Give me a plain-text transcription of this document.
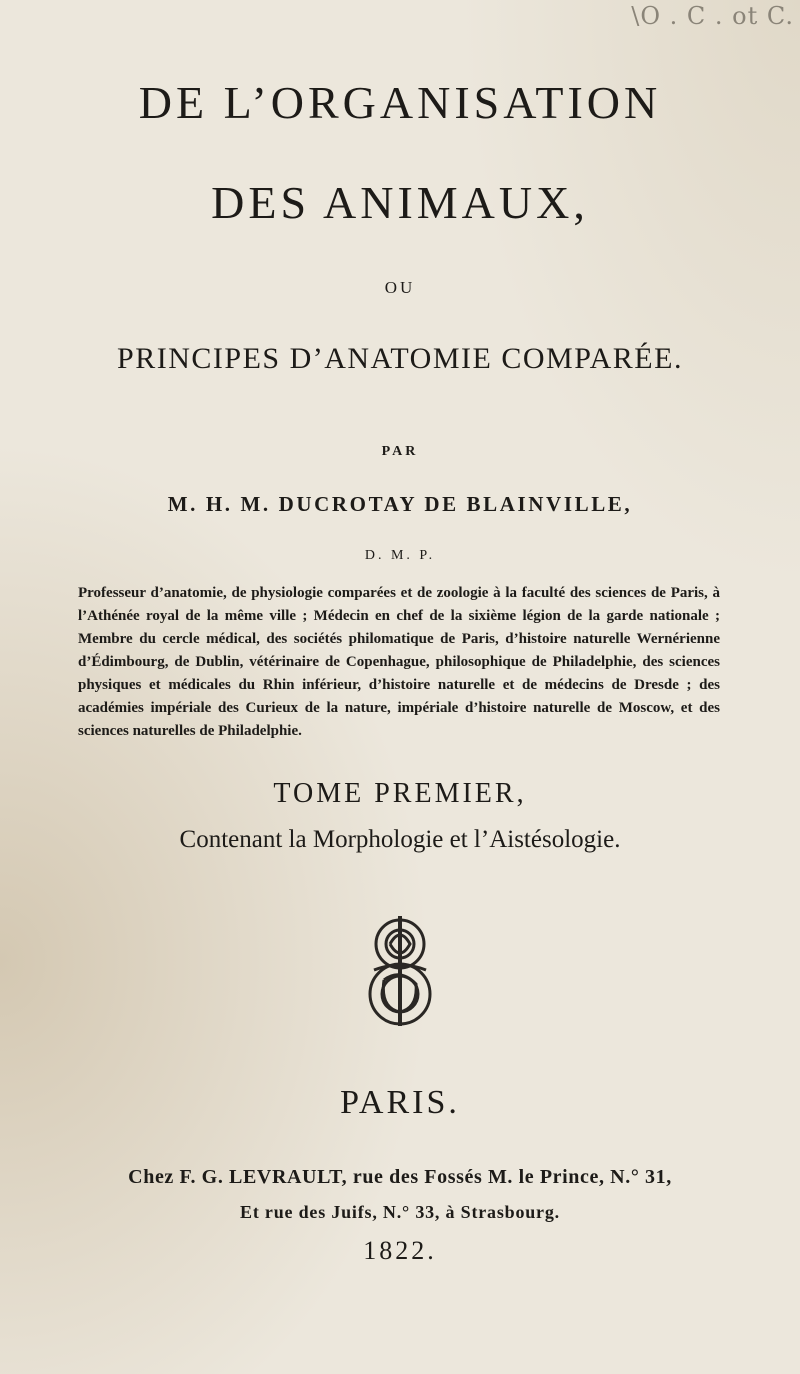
\O . C . ot C.
DE L’ORGANISATION
DES ANIMAUX,
OU
PRINCIPES D’ANATOMIE COMPARÉE.
PAR
M. H. M. DUCROTAY DE BLAINVILLE,
D. M. P.
Professeur d’anatomie, de physiologie comparées et de zoologie à la faculté des sciences de Paris, à l’Athénée royal de la même ville ; Médecin en chef de la sixième légion de la garde nationale ; Membre du cercle médical, des sociétés philomatique de Paris, d’histoire naturelle Wernérienne d’Édimbourg, de Dublin, vétérinaire de Copenhague, philosophique de Philadelphie, des sciences physiques et médicales du Rhin inférieur, d’histoire naturelle et de médecins de Dresde ; des académies impériale des Curieux de la nature, impériale d’histoire naturelle de Moscow, et des sciences naturelles de Philadelphie.
TOME PREMIER,
Contenant la Morphologie et l’Aistésologie.
PARIS.
Chez F. G. LEVRAULT, rue des Fossés M. le Prince, N.° 31,
Et rue des Juifs, N.° 33, à Strasbourg.
1822.
